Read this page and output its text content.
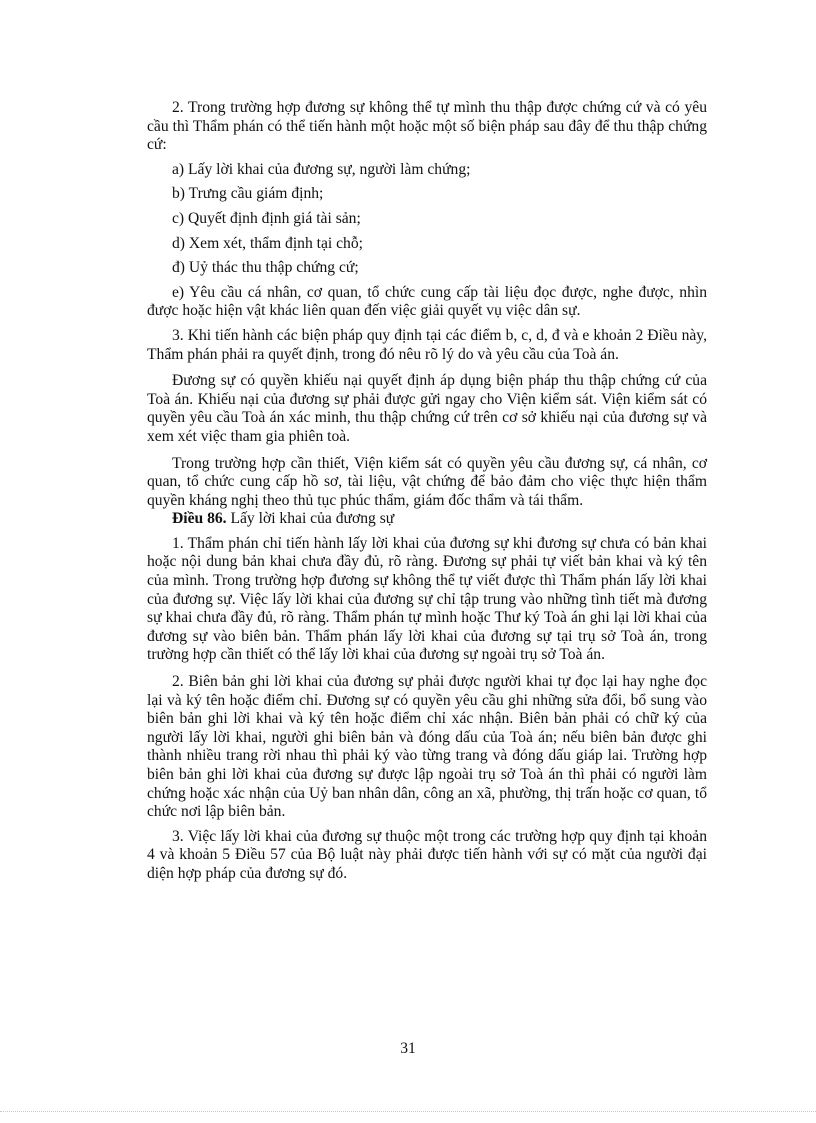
2. Trong trường hợp đương sự không thể tự mình thu thập được chứng cứ và có yêu cầu thì Thẩm phán có thể tiến hành một hoặc một số biện pháp sau đây để thu thập chứng cứ:

a) Lấy lời khai của đương sự, người làm chứng;

b) Trưng cầu giám định;

c) Quyết định định giá tài sản;

d) Xem xét, thẩm định tại chỗ;

đ) Uỷ thác thu thập chứng cứ;

e) Yêu cầu cá nhân, cơ quan, tổ chức cung cấp tài liệu đọc được, nghe được, nhìn được hoặc hiện vật khác liên quan đến việc giải quyết vụ việc dân sự.

3. Khi tiến hành các biện pháp quy định tại các điểm b, c, d, đ và e khoản 2 Điều này, Thẩm phán phải ra quyết định, trong đó nêu rõ lý do và yêu cầu của Toà án.

Đương sự có quyền khiếu nại quyết định áp dụng biện pháp thu thập chứng cứ của Toà án. Khiếu nại của đương sự phải được gửi ngay cho Viện kiểm sát. Viện kiểm sát có quyền yêu cầu Toà án xác minh, thu thập chứng cứ trên cơ sở khiếu nại của đương sự và xem xét việc tham gia phiên toà.

Trong trường hợp cần thiết, Viện kiểm sát có quyền yêu cầu đương sự, cá nhân, cơ quan, tổ chức cung cấp hồ sơ, tài liệu, vật chứng để bảo đảm cho việc thực hiện thẩm quyền kháng nghị theo thủ tục phúc thẩm, giám đốc thẩm và tái thẩm.

Điều 86. Lấy lời khai của đương sự

1. Thẩm phán chỉ tiến hành lấy lời khai của đương sự khi đương sự chưa có bản khai hoặc nội dung bản khai chưa đầy đủ, rõ ràng. Đương sự phải tự viết bản khai và ký tên của mình. Trong trường hợp đương sự không thể tự viết được thì Thẩm phán lấy lời khai của đương sự. Việc lấy lời khai của đương sự chỉ tập trung vào những tình tiết mà đương sự khai chưa đầy đủ, rõ ràng. Thẩm phán tự mình hoặc Thư ký Toà án ghi lại lời khai của đương sự vào biên bản. Thẩm phán lấy lời khai của đương sự tại trụ sở Toà án, trong trường hợp cần thiết có thể lấy lời khai của đương sự ngoài trụ sở Toà án.

2. Biên bản ghi lời khai của đương sự phải được người khai tự đọc lại hay nghe đọc lại và ký tên hoặc điểm chỉ. Đương sự có quyền yêu cầu ghi những sửa đổi, bổ sung vào biên bản ghi lời khai và ký tên hoặc điểm chỉ xác nhận. Biên bản phải có chữ ký của người lấy lời khai, người ghi biên bản và đóng dấu của Toà án; nếu biên bản được ghi thành nhiều trang rời nhau thì phải ký vào từng trang và đóng dấu giáp lai. Trường hợp biên bản ghi lời khai của đương sự được lập ngoài trụ sở Toà án thì phải có người làm chứng hoặc xác nhận của Uỷ ban nhân dân, công an xã, phường, thị trấn hoặc cơ quan, tổ chức nơi lập biên bản.

3. Việc lấy lời khai của đương sự thuộc một trong các trường hợp quy định tại khoản 4 và khoản 5 Điều 57 của Bộ luật này phải được tiến hành với sự có mặt của người đại diện hợp pháp của đương sự đó.

31
